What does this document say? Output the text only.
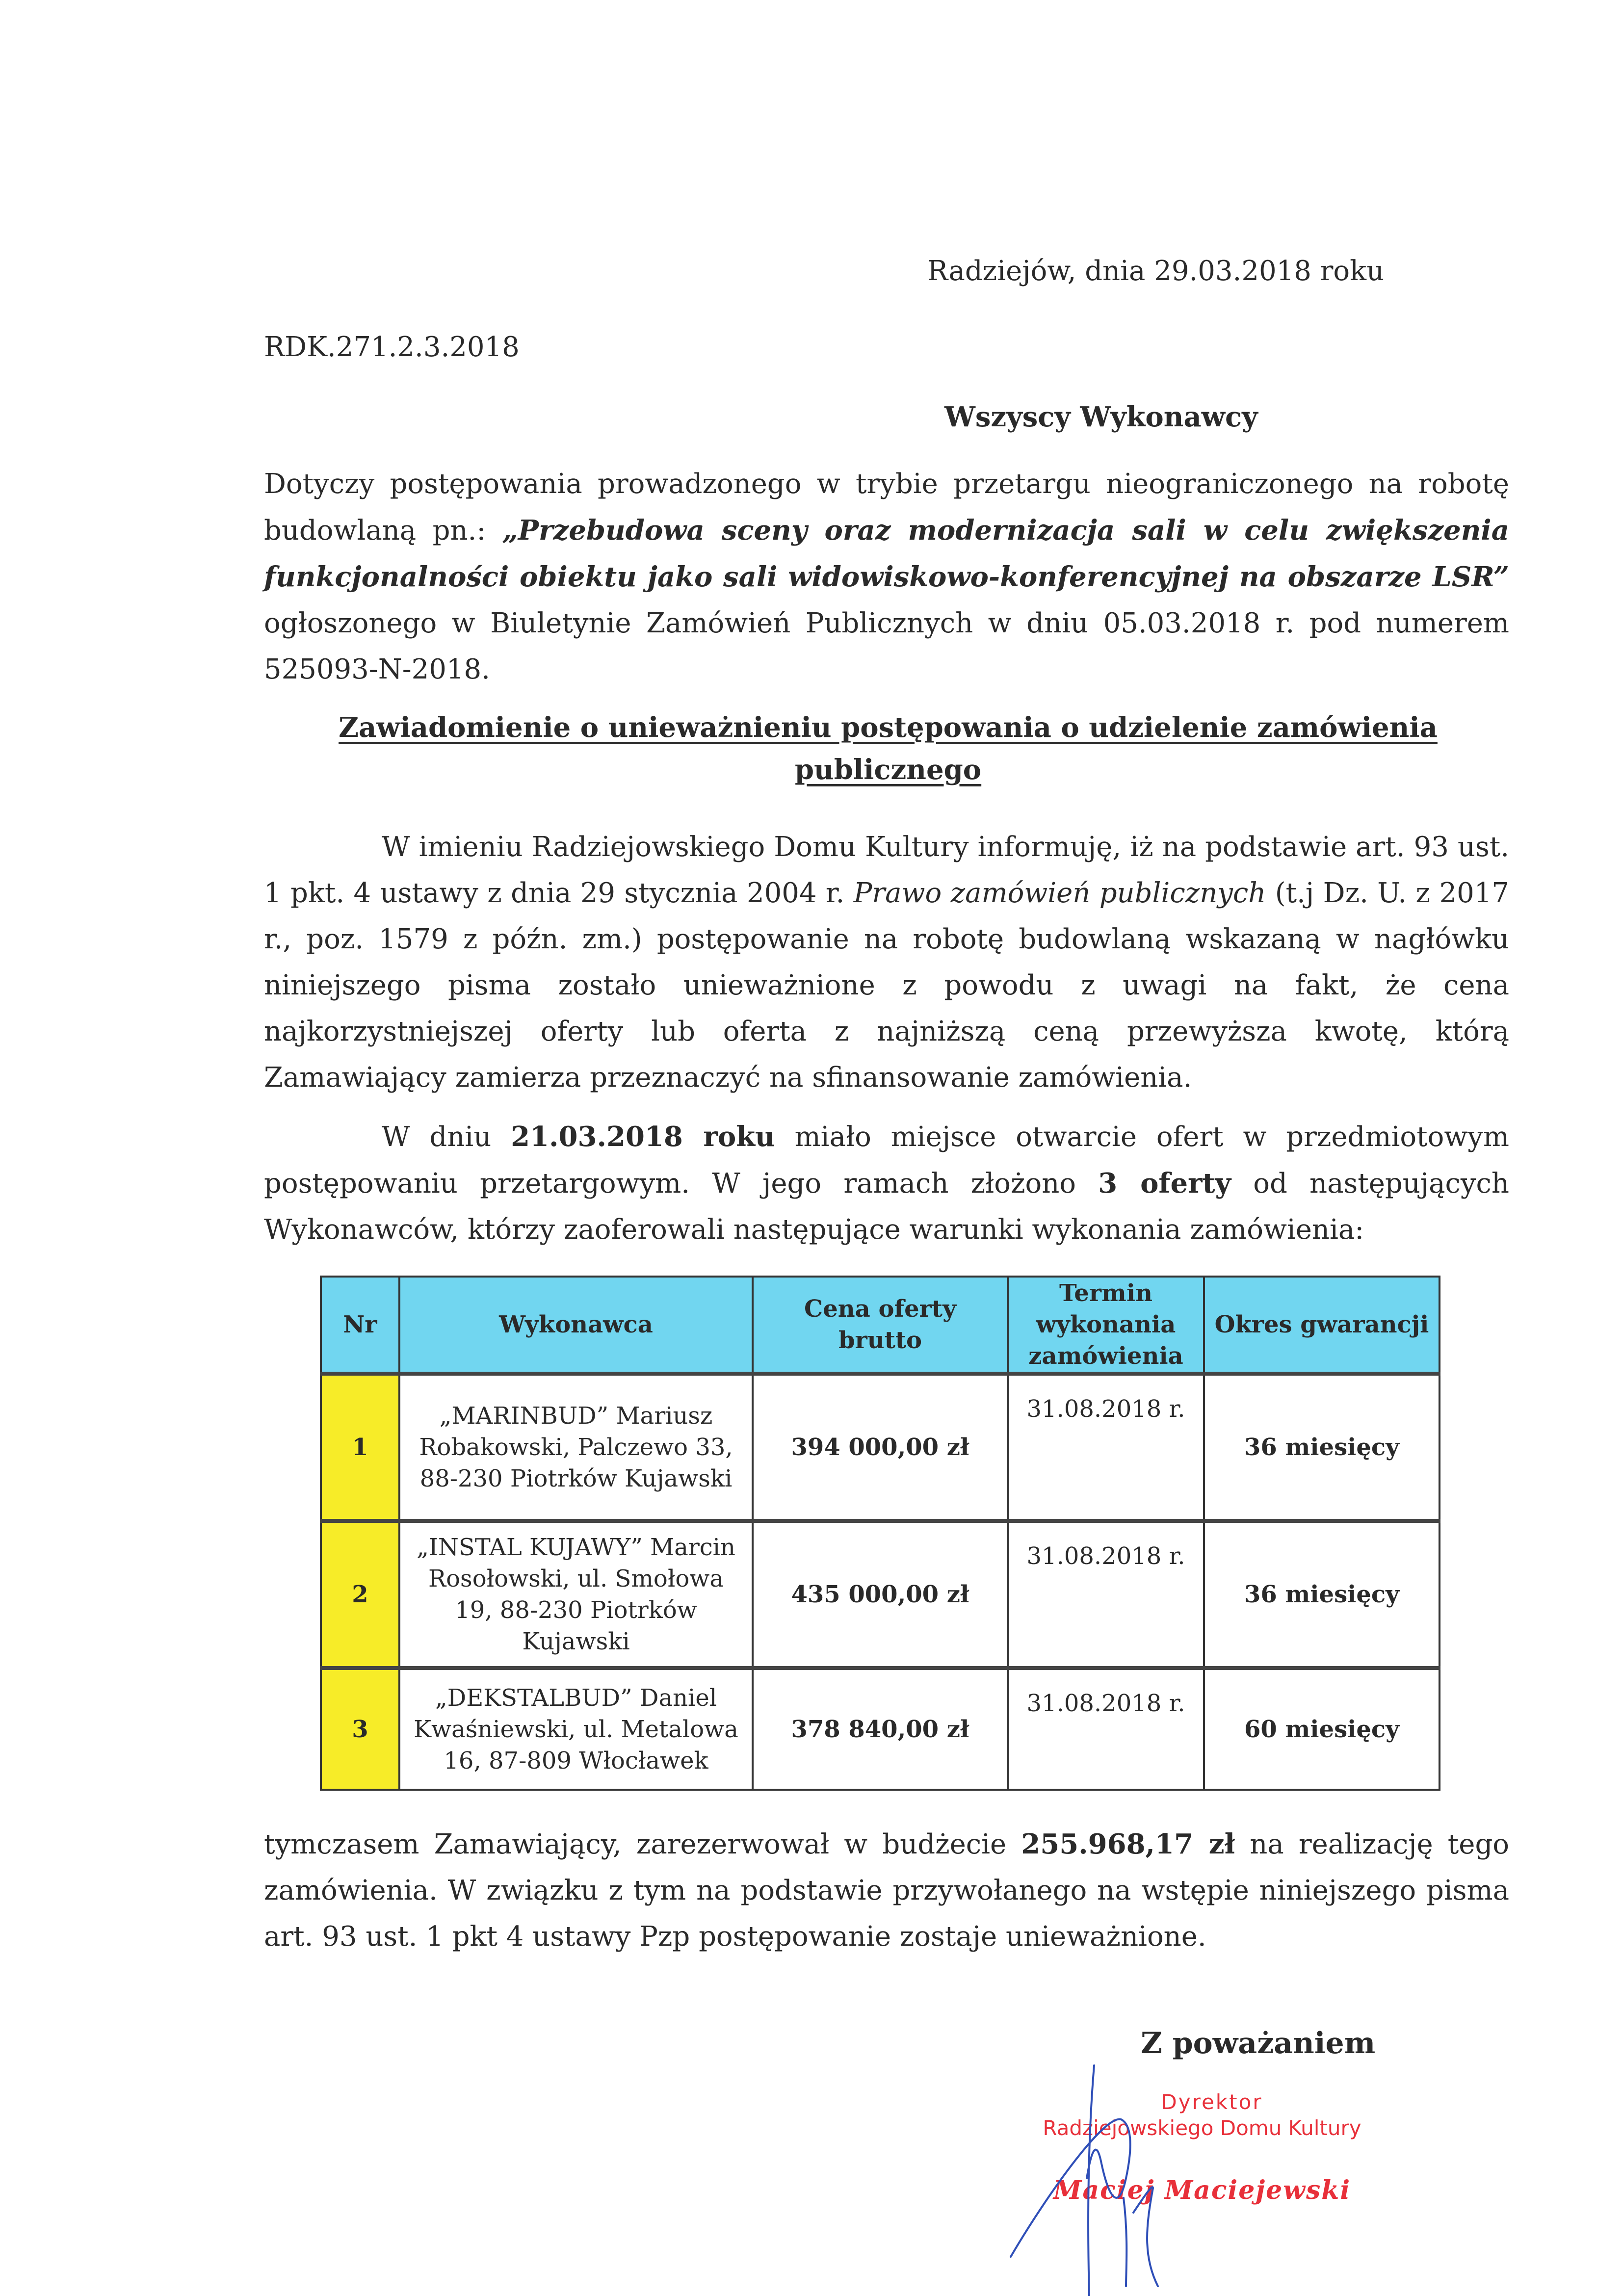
Radziejów, dnia 29.03.2018 roku
RDK.271.2.3.2018
Wszyscy Wykonawcy
Dotyczy postępowania prowadzonego w trybie przetargu nieograniczonego na robotę budowlaną pn.: „Przebudowa sceny oraz modernizacja sali w celu zwiększenia funkcjonalności obiektu jako sali widowiskowo-konferencyjnej na obszarze LSR” ogłoszonego w Biuletynie Zamówień Publicznych w dniu 05.03.2018 r. pod numerem 525093-N-2018.
Zawiadomienie o unieważnieniu postępowania o udzielenie zamówienia publicznego
W imieniu Radziejowskiego Domu Kultury informuję, iż na podstawie art. 93 ust. 1 pkt. 4 ustawy z dnia 29 stycznia 2004 r. Prawo zamówień publicznych (t.j Dz. U. z 2017 r., poz. 1579 z późn. zm.) postępowanie na robotę budowlaną wskazaną w nagłówku niniejszego pisma zostało unieważnione z powodu z uwagi na fakt, że cena najkorzystniejszej oferty lub oferta z najniższą ceną przewyższa kwotę, którą Zamawiający zamierza przeznaczyć na sfinansowanie zamówienia.
W dniu 21.03.2018 roku miało miejsce otwarcie ofert w przedmiotowym postępowaniu przetargowym. W jego ramach złożono 3 oferty od następujących Wykonawców, którzy zaoferowali następujące warunki wykonania zamówienia:
Nr	Wykonawca	Cena oferty brutto	Termin wykonania zamówienia	Okres gwarancji
1	„MARINBUD” Mariusz Robakowski, Palczewo 33, 88-230 Piotrków Kujawski	394 000,00 zł	31.08.2018 r.	36 miesięcy
2	„INSTAL KUJAWY” Marcin Rosołowski, ul. Smołowa 19, 88-230 Piotrków Kujawski	435 000,00 zł	31.08.2018 r.	36 miesięcy
3	„DEKSTALBUD” Daniel Kwaśniewski, ul. Metalowa 16, 87-809 Włocławek	378 840,00 zł	31.08.2018 r.	60 miesięcy
tymczasem Zamawiający, zarezerwował w budżecie 255.968,17 zł na realizację tego zamówienia. W związku z tym na podstawie przywołanego na wstępie niniejszego pisma art. 93 ust. 1 pkt 4 ustawy Pzp postępowanie zostaje unieważnione.
Z poważaniem
Dyrektor
Radziejowskiego Domu Kultury
Maciej Maciejewski
